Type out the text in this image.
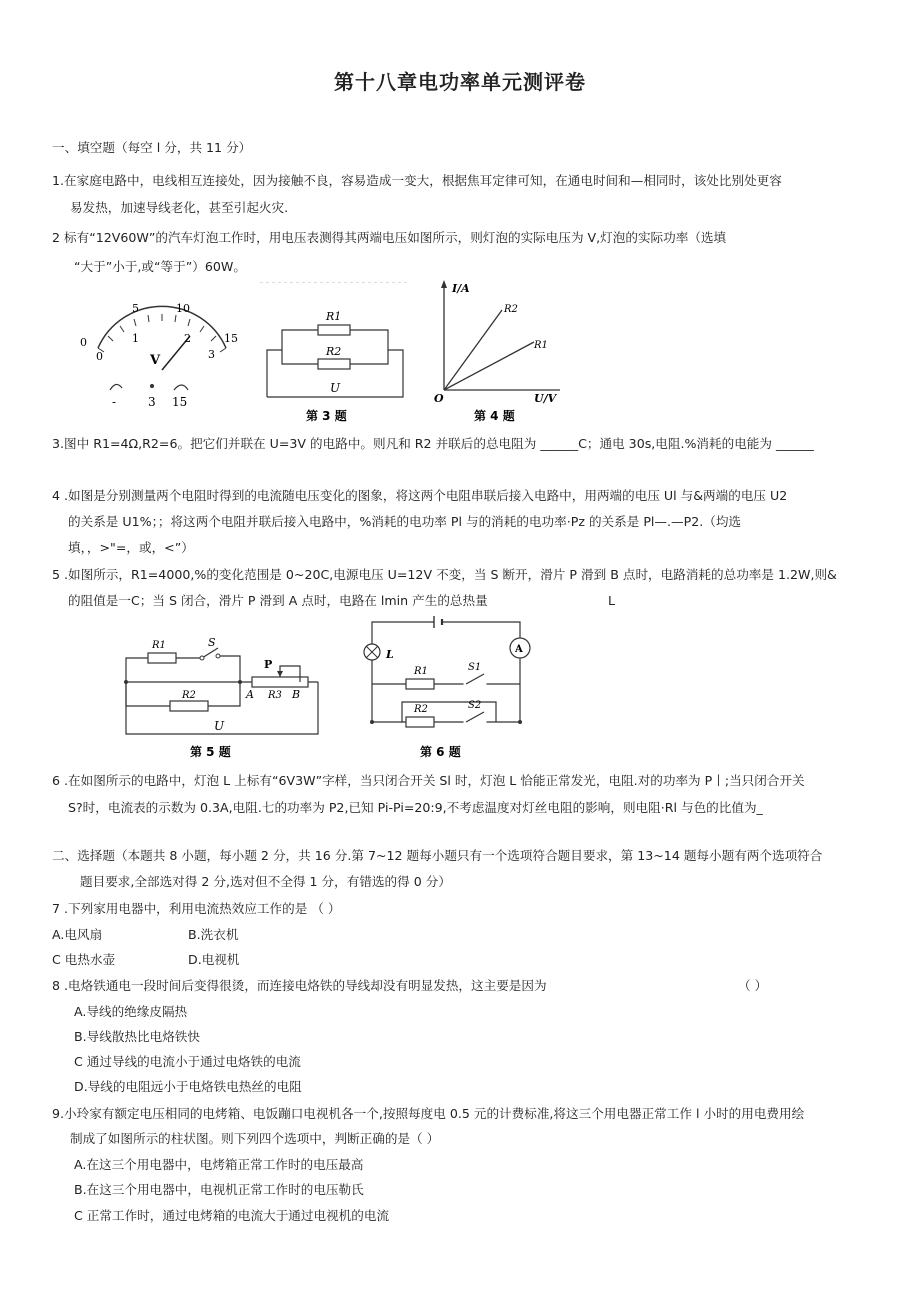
第十八章电功率单元测评卷
一、填空题（每空 l 分，共 11 分）
1.在家庭电路中，电线相互连接处，因为接触不良，容易造成一变大，根据焦耳定律可知，在通电时间和—相同时，该处比别处更容
易发热，加速导线老化，甚至引起火灾.
2 标有“12V60W”的汽车灯泡工作时，用电压表测得其两端电压如图所示，则灯泡的实际电压为 V,灯泡的实际功率（选填
“大于”小于,或“等于”）60W。
5	10
0	15
0
1	2
3
V
-	3 15
R1
R2
U
第 3 题
I/A
U/V
O
R2
R1
第 4 题
3.图中 R1=4Ω,R2=6。把它们并联在 U=3V 的电路中。则凡和 R2 并联后的总电阻为 ______C；通电 30s,电阻.%消耗的电能为 ______
4 .如图是分别测量两个电阻时得到的电流随电压变化的图象，将这两个电阻串联后接入电路中，用两端的电压 Ul 与&两端的电压 U2
的关系是 U1%；；将这两个电阻并联后接入电路中，%消耗的电功率 Pl 与的消耗的电功率·Pz 的关系是 Pl—.—P2.（均选
填，，>"=，或，<”）
5 .如图所示，R1=4000,%的变化范围是 0~20C,电源电压 U=12V 不变，当 S 断开，滑片 P 滑到 B 点时，电路消耗的总功率是 1.2W,则&
的阻值是一C；当 S 闭合，滑片 P 滑到 A 点时，电路在 lmin 产生的总热量	L
R1	S
R2
P
A R3 B
U
第 5 题
L	A
R1	S1
R2	S2
第 6 题
6 .在如图所示的电路中，灯泡 L 上标有“6V3W”字样，当只闭合开关 Sl 时，灯泡 L 恰能正常发光，电阻.对的功率为 P丨;当只闭合开关
S?时，电流表的示数为 0.3A,电阻.七的功率为 P2,已知 Pi-Pi=20:9,不考虑温度对灯丝电阻的影响，则电阻·Rl 与色的比值为_
二、选择题（本题共 8 小题，每小题 2 分，共 16 分.第 7~12 题每小题只有一个选项符合题目要求，第 13~14 题每小题有两个选项符合
题目要求,全部选对得 2 分,选对但不全得 1 分，有错选的得 0 分）
7 .下列家用电器中，利用电流热效应工作的是 （ ）
A.电风扇	B.洗衣机
C 电热水壶	D.电视机
8 .电烙铁通电一段时间后变得很烫，而连接电烙铁的导线却没有明显发热，这主要是因为	（ ）
A.导线的绝缘皮隔热
B.导线散热比电烙铁快
C 通过导线的电流小于通过电烙铁的电流
D.导线的电阻远小于电烙铁电热丝的电阻
9.小玲家有额定电压相同的电烤箱、电饭蹦口电视机各一个,按照每度电 0.5 元的计费标准,将这三个用电器正常工作 l 小时的用电费用绘
制成了如图所示的柱状图。则下列四个选项中，判断正确的是（ ）
A.在这三个用电器中，电烤箱正常工作时的电压最高
B.在这三个用电器中，电视机正常工作时的电压勒氏
C 正常工作时，通过电烤箱的电流大于通过电视机的电流
